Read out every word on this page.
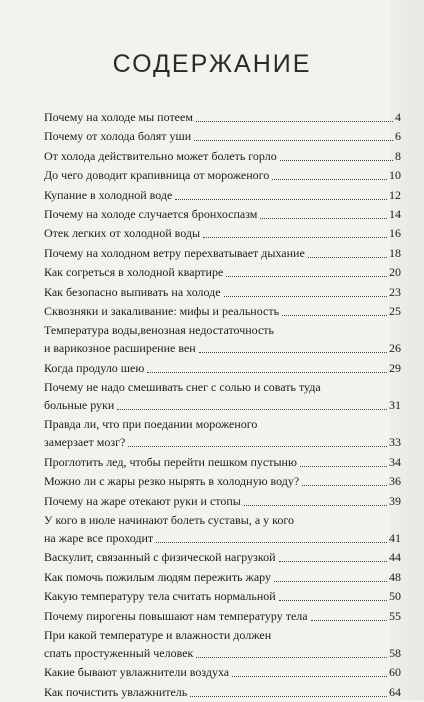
СОДЕРЖАНИЕ
Почему на холоде мы потеем	4
Почему от холода болят уши	6
От холода действительно может болеть горло	8
До чего доводит крапивница от мороженого	10
Купание в холодной воде	12
Почему на холоде случается бронхоспазм	14
Отек легких от холодной воды	16
Почему на холодном ветру перехватывает дыхание	18
Как согреться в холодной квартире	20
Как безопасно выпивать на холоде	23
Сквозняки и закаливание: мифы и реальность	25
Температура воды,венозная недостаточность
и варикозное расширение вен	26
Когда продуло шею	29
Почему не надо смешивать снег с солью и совать туда
больные руки	31
Правда ли, что при поедании мороженого
замерзает мозг?	33
Проглотить лед, чтобы перейти пешком пустыню	34
Можно ли с жары резко нырять в холодную воду?	36
Почему на жаре отекают руки и стопы	39
У кого в июле начинают болеть суставы, а у кого
на жаре все проходит	41
Васкулит, связанный с физической нагрузкой	44
Как помочь пожилым людям пережить жару	48
Какую температуру тела считать нормальной	50
Почему пирогены повышают нам температуру тела	55
При какой температуре и влажности должен
спать простуженный человек	58
Какие бывают увлажнители воздуха	60
Как почистить увлажнитель	64
